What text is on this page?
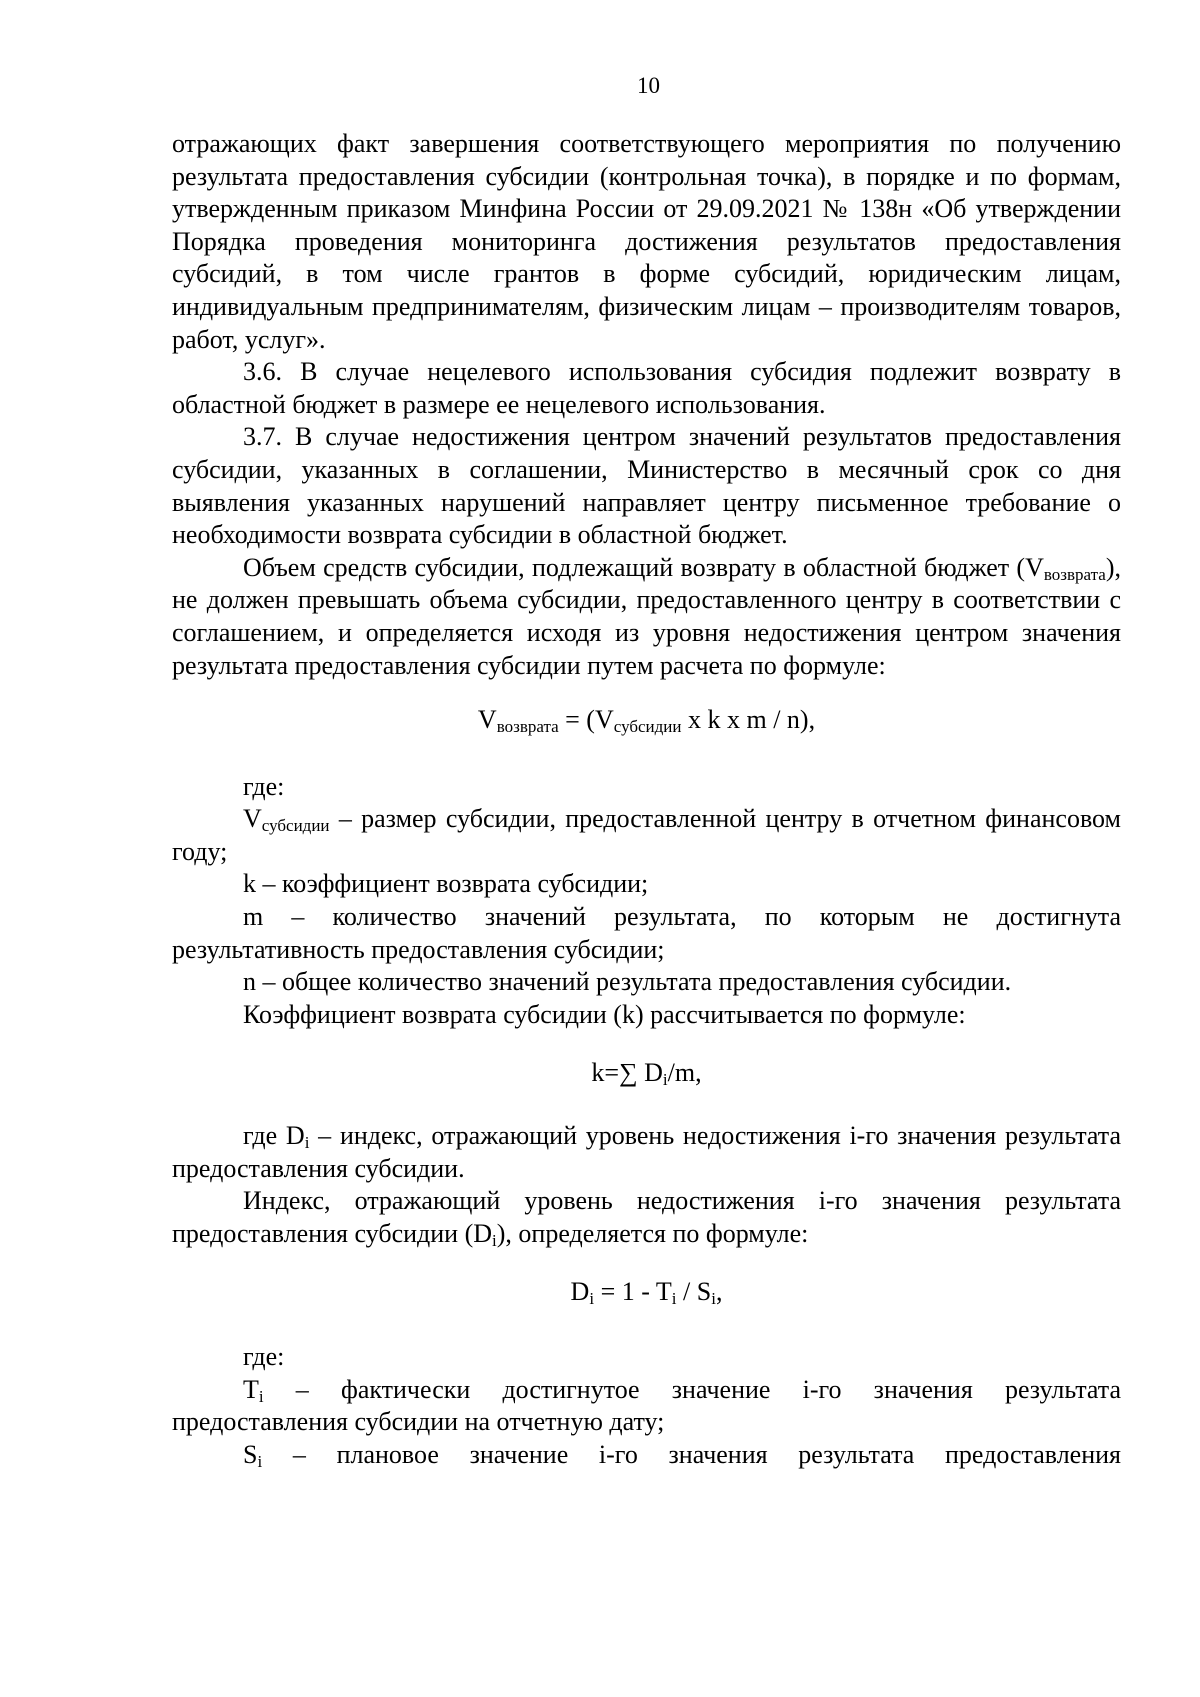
10

отражающих факт завершения соответствующего мероприятия по получению результата предоставления субсидии (контрольная точка), в порядке и по формам, утвержденным приказом Минфина России от 29.09.2021 № 138н «Об утверждении Порядка проведения мониторинга достижения результатов предоставления субсидий, в том числе грантов в форме субсидий, юридическим лицам, индивидуальным предпринимателям, физическим лицам – производителям товаров, работ, услуг».

3.6. В случае нецелевого использования субсидия подлежит возврату в областной бюджет в размере ее нецелевого использования.

3.7. В случае недостижения центром значений результатов предоставления субсидии, указанных в соглашении, Министерство в месячный срок со дня выявления указанных нарушений направляет центру письменное требование о необходимости возврата субсидии в областной бюджет.

Объем средств субсидии, подлежащий возврату в областной бюджет $(V_{возврата})$, не должен превышать объема субсидии, предоставленного центру в соответствии с соглашением, и определяется исходя из уровня недостижения центром значения результата предоставления субсидии путем расчета по формуле:

$V_{возврата} = (V_{субсидии}$ x k x m / n),

где:

$V_{субсидии}$ – размер субсидии, предоставленной центру в отчетном финансовом году;

k – коэффициент возврата субсидии;

m – количество значений результата, по которым не достигнута результативность предоставления субсидии;

n – общее количество значений результата предоставления субсидии.

Коэффициент возврата субсидии (k) рассчитывается по формуле:

k=∑ $D_i/m$,

где $D_i$ – индекс, отражающий уровень недостижения i-го значения результата предоставления субсидии.

Индекс, отражающий уровень недостижения i-го значения результата предоставления субсидии $(D_i)$, определяется по формуле:

$D_i = 1 - T_i / S_i$,

где:

$T_i$ – фактически достигнутое значение i-го значения результата предоставления субсидии на отчетную дату;

$S_i$ – плановое значение i-го значения результата предоставления
